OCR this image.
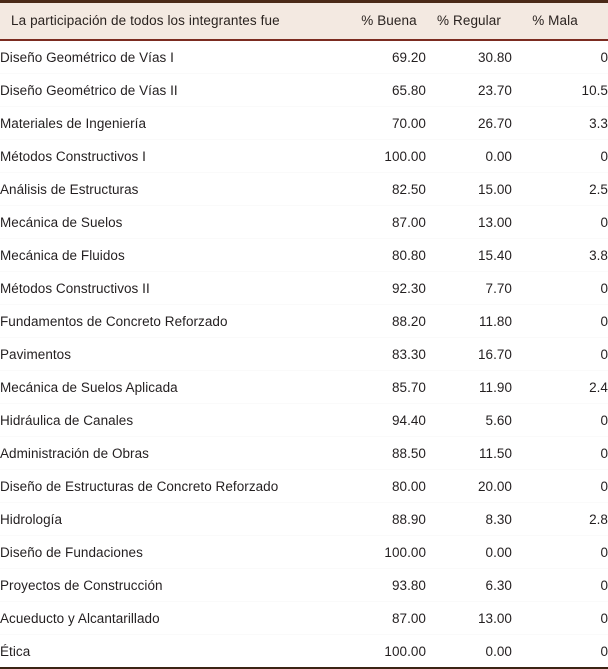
La participación de todos los integrantes fue	% Buena	% Regular	% Mala
Diseño Geométrico de Vías I	69.20	30.80	0
Diseño Geométrico de Vías II	65.80	23.70	10.5
Materiales de Ingeniería	70.00	26.70	3.3
Métodos Constructivos I	100.00	0.00	0
Análisis de Estructuras	82.50	15.00	2.5
Mecánica de Suelos	87.00	13.00	0
Mecánica de Fluidos	80.80	15.40	3.8
Métodos Constructivos II	92.30	7.70	0
Fundamentos de Concreto Reforzado	88.20	11.80	0
Pavimentos	83.30	16.70	0
Mecánica de Suelos Aplicada	85.70	11.90	2.4
Hidráulica de Canales	94.40	5.60	0
Administración de Obras	88.50	11.50	0
Diseño de Estructuras de Concreto Reforzado	80.00	20.00	0
Hidrología	88.90	8.30	2.8
Diseño de Fundaciones	100.00	0.00	0
Proyectos de Construcción	93.80	6.30	0
Acueducto y Alcantarillado	87.00	13.00	0
Ética	100.00	0.00	0
